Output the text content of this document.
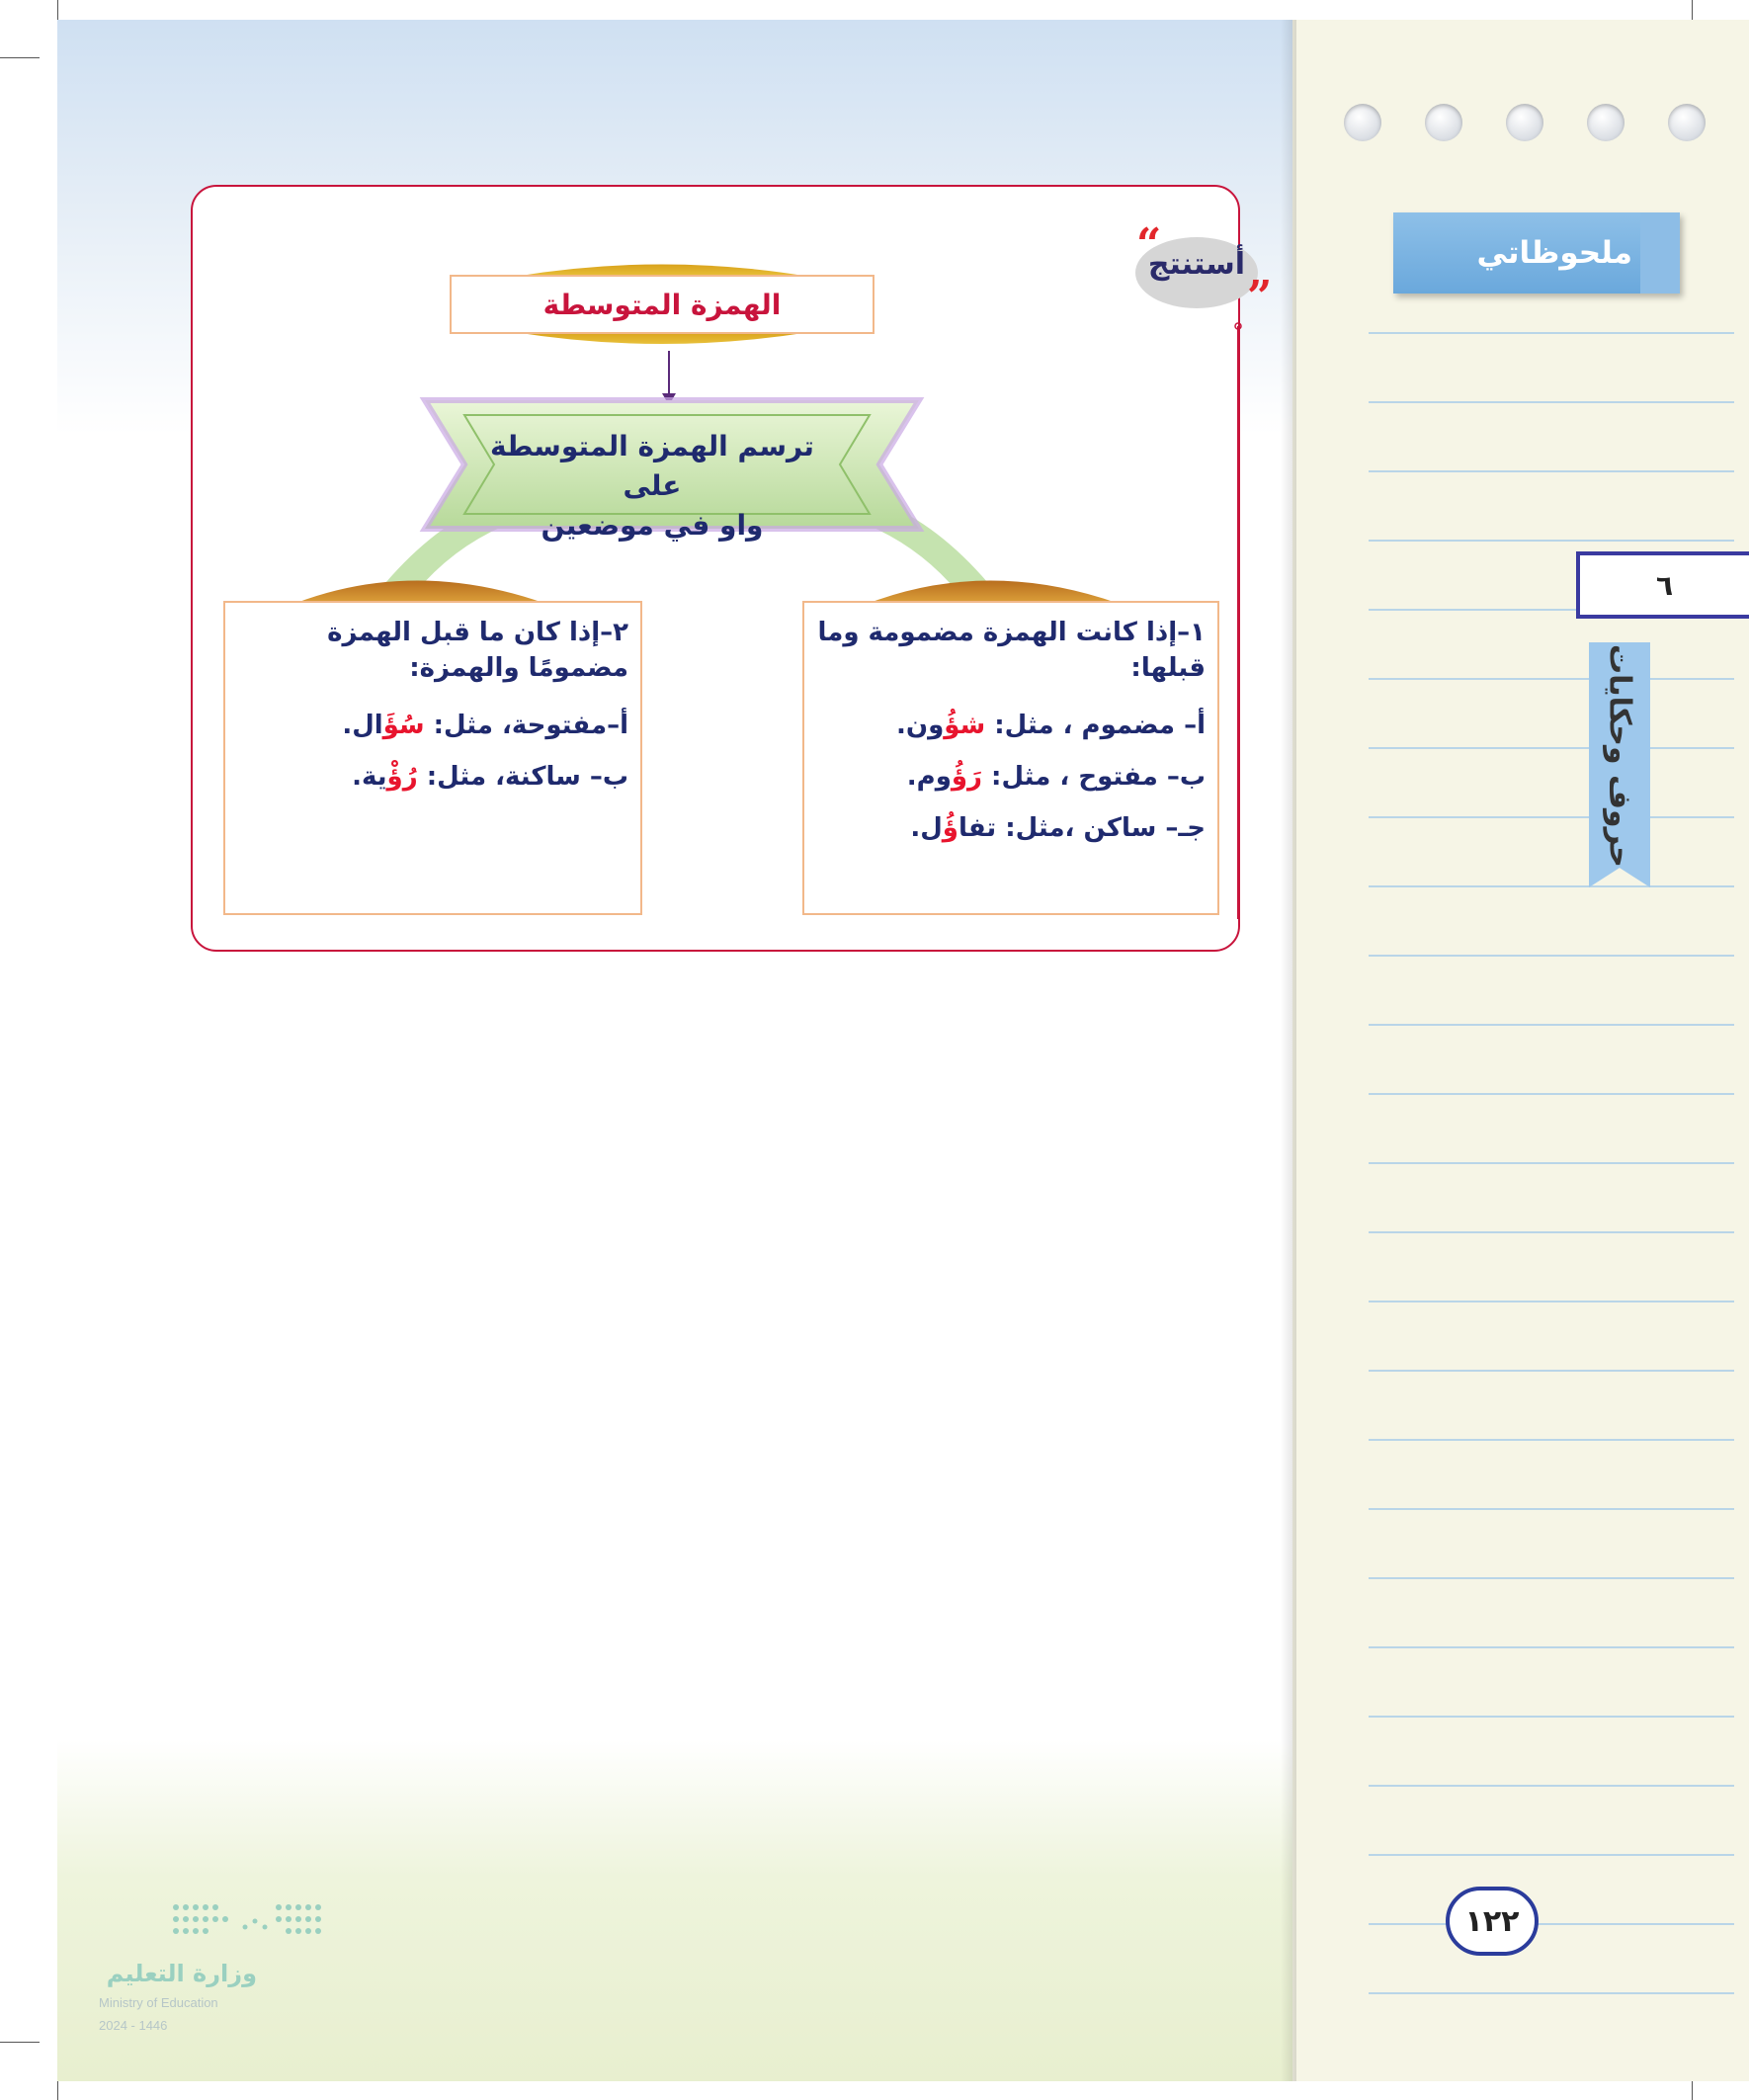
ملحوظاتي
٦
حروف وحكايات
١٢٢
“
”
أستنتج
الهمزة المتوسطة
ترسم الهمزة المتوسطة على
واو في موضعين
١–إذا كانت الهمزة مضمومة وما قبلها:
أ– مضموم ، مثل: شؤُون.
ب– مفتوح ، مثل: رَؤُوم.
جـ– ساكن ،مثل: تفاؤُل.
٢–إذا كان ما قبل الهمزة مضمومًا والهمزة:
أ–مفتوحة، مثل: سُؤَال.
ب– ساكنة، مثل: رُؤْية.
وزارة التعليم
Ministry of Education
2024 - 1446
